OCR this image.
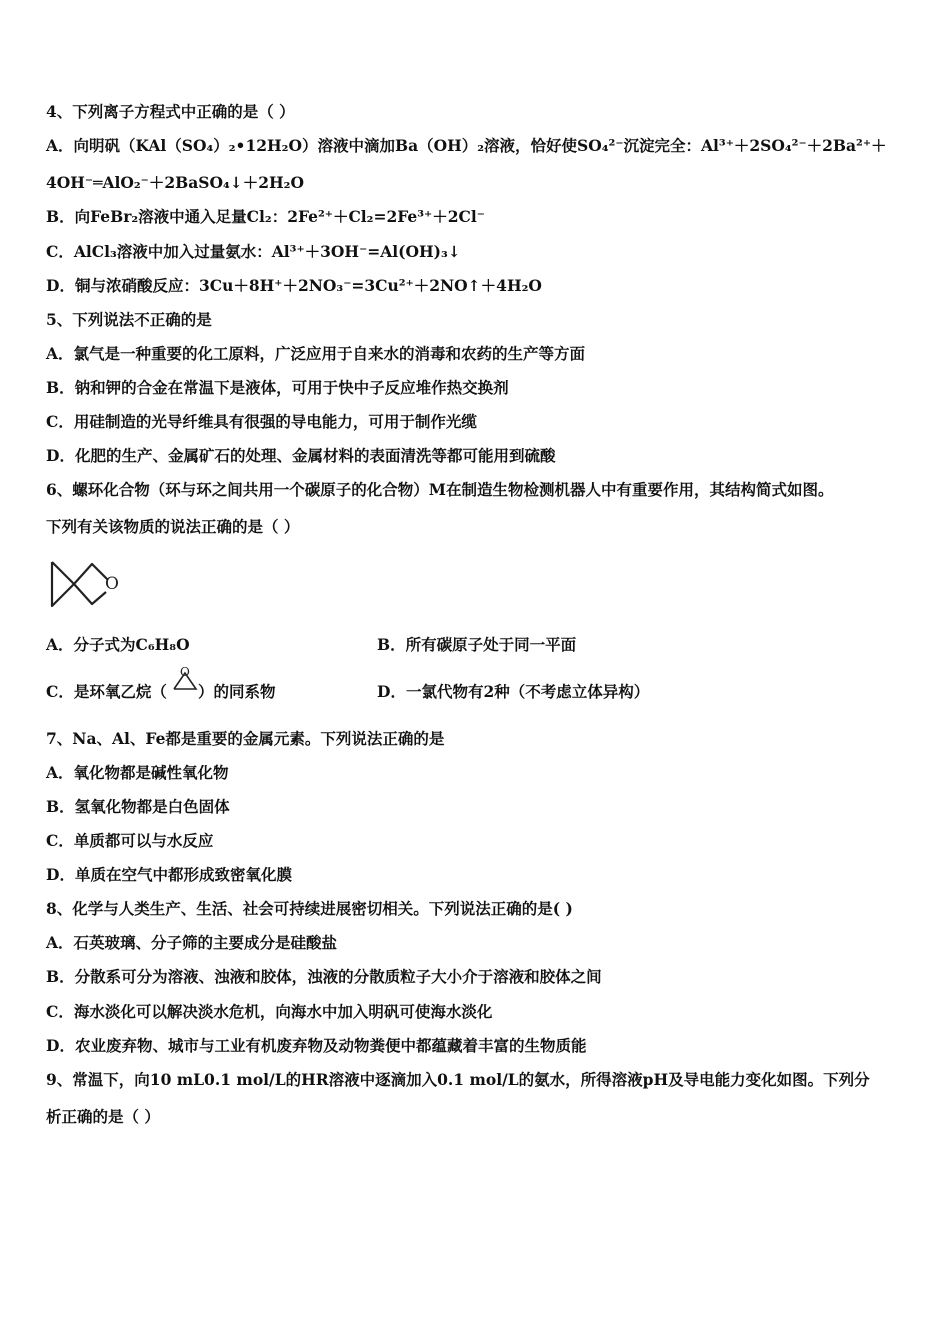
4、下列离子方程式中正确的是（ ）
A．向明矾（KAl（SO₄）₂•12H₂O）溶液中滴加Ba（OH）₂溶液，恰好使SO₄²⁻沉淀完全：Al³⁺＋2SO₄²⁻＋2Ba²⁺＋
4OH⁻═AlO₂⁻＋2BaSO₄↓＋2H₂O
B．向FeBr₂溶液中通入足量Cl₂：2Fe²⁺＋Cl₂=2Fe³⁺＋2Cl⁻
C．AlCl₃溶液中加入过量氨水：Al³⁺＋3OH⁻=Al(OH)₃↓
D．铜与浓硝酸反应：3Cu＋8H⁺＋2NO₃⁻=3Cu²⁺＋2NO↑＋4H₂O
5、下列说法不正确的是
A．氯气是一种重要的化工原料，广泛应用于自来水的消毒和农药的生产等方面
B．钠和钾的合金在常温下是液体，可用于快中子反应堆作热交换剂
C．用硅制造的光导纤维具有很强的导电能力，可用于制作光缆
D．化肥的生产、金属矿石的处理、金属材料的表面清洗等都可能用到硫酸
6、螺环化合物（环与环之间共用一个碳原子的化合物）M在制造生物检测机器人中有重要作用，其结构简式如图。
下列有关该物质的说法正确的是（ ）
O
A．分子式为C₆H₈O	B．所有碳原子处于同一平面
C．是环氧乙烷（
O
）的同系物	D．一氯代物有2种（不考虑立体异构）
7、Na、Al、Fe都是重要的金属元素。下列说法正确的是
A．氧化物都是碱性氧化物
B．氢氧化物都是白色固体
C．单质都可以与水反应
D．单质在空气中都形成致密氧化膜
8、化学与人类生产、生活、社会可持续进展密切相关。下列说法正确的是( )
A．石英玻璃、分子筛的主要成分是硅酸盐
B．分散系可分为溶液、浊液和胶体，浊液的分散质粒子大小介于溶液和胶体之间
C．海水淡化可以解决淡水危机，向海水中加入明矾可使海水淡化
D．农业废弃物、城市与工业有机废弃物及动物粪便中都蕴藏着丰富的生物质能
9、常温下，向10 mL0.1 mol/L的HR溶液中逐滴加入0.1 mol/L的氨水，所得溶液pH及导电能力变化如图。下列分
析正确的是（ ）
